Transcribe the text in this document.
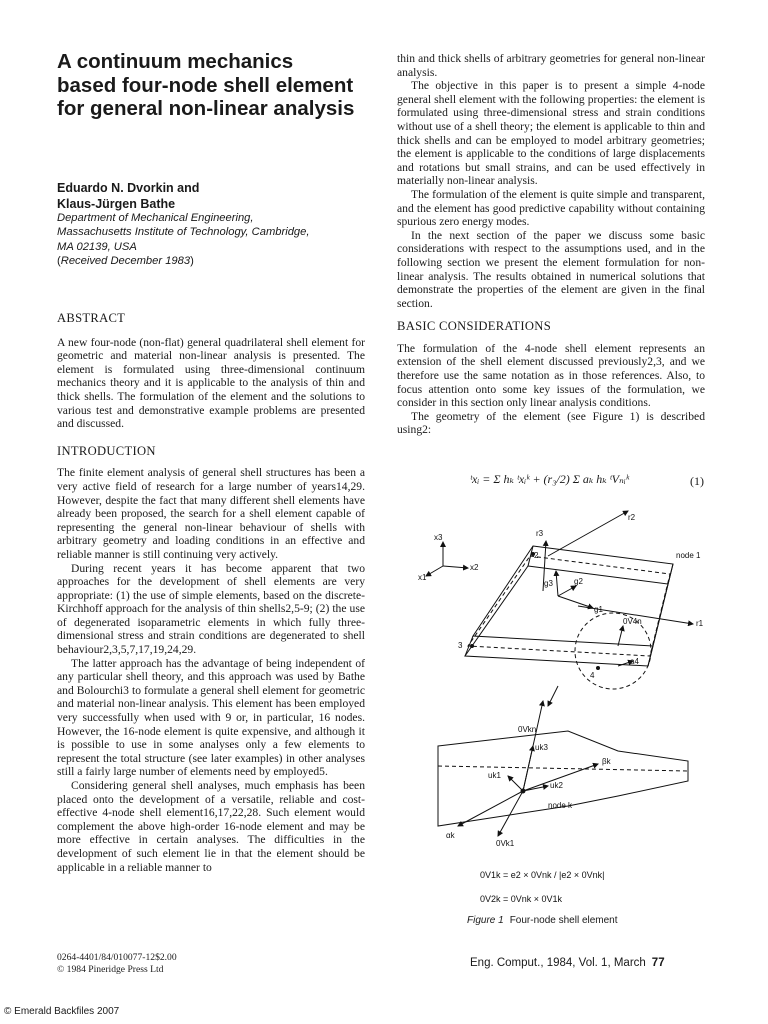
A continuum mechanics based four-node shell element for general non-linear analysis
Eduardo N. Dvorkin and
Klaus-Jürgen Bathe
Department of Mechanical Engineering,
Massachusetts Institute of Technology, Cambridge,
MA 02139, USA
(Received December 1983)
ABSTRACT

A new four-node (non-flat) general quadrilateral shell element for geometric and material non-linear analysis is presented. The element is formulated using three-dimensional continuum mechanics theory and it is applicable to the analysis of thin and thick shells. The formulation of the element and the solutions to various test and demonstrative example problems are presented and discussed.

INTRODUCTION

The finite element analysis of general shell structures has been a very active field of research for a large number of years14,29. However, despite the fact that many different shell elements have already been proposed, the search for a shell element capable of representing the general non-linear behaviour of shells with arbitrary geometry and loading conditions in an effective and reliable manner is still continuing very actively.

During recent years it has become apparent that two approaches for the development of shell elements are very appropriate: (1) the use of simple elements, based on the discrete-Kirchhoff approach for the analysis of thin shells2,5-9; (2) the use of degenerated isoparametric elements in which fully three-dimensional stress and strain conditions are degenerated to shell behaviour2,3,5,7,17,19,24,29.

The latter approach has the advantage of being independent of any particular shell theory, and this approach was used by Bathe and Bolourchi3 to formulate a general shell element for geometric and material non-linear analysis. This element has been employed very successfully when used with 9 or, in particular, 16 nodes. However, the 16-node element is quite expensive, and although it is possible to use in some analyses only a few elements to represent the total structure (see later examples) in other analyses still a fairly large number of elements need by employed5.

Considering general shell analyses, much emphasis has been placed onto the development of a versatile, reliable and cost-effective 4-node shell element16,17,22,28. Such element would complement the above high-order 16-node element and may be more effective in certain analyses. The difficulties in the development of such element lie in that the element should be applicable in a reliable manner to

thin and thick shells of arbitrary geometries for general non-linear analysis.

The objective in this paper is to present a simple 4-node general shell element with the following properties: the element is formulated using three-dimensional stress and strain conditions without use of a shell theory; the element is applicable to thin and thick shells and can be employed to model arbitrary geometries; the element is applicable to the conditions of large displacements and rotations but small strains, and can be used effectively in materially non-linear analysis.

The formulation of the element is quite simple and transparent, and the element has good predictive capability without containing spurious zero energy modes.

In the next section of the paper we discuss some basic considerations with respect to the assumptions used, and in the following section we present the element formulation for non-linear analysis. The results obtained in numerical solutions that demonstrate the properties of the element are given in the final section.

BASIC CONSIDERATIONS

The formulation of the 4-node shell element represents an extension of the shell element discussed previously2,3, and we therefore use the same notation as in those references. Also, to focus attention onto some key issues of the formulation, we consider in this section only linear analysis conditions.

The geometry of the element (see Figure 1) is described using2:

ᵗxᵢ = Σ hₖ ᵗxᵢᵏ + (r₃/2) Σ aₖ hₖ ᵗVₙᵢᵏ	(1)
r2
r1
r3
node 1
2
3
4
g1
g2
g3
x1
x2
x3
a4
0V4n
0Vkn
uk3
uk1
uk2
βk
node k
0Vk1
αk
0V1k = e2 × 0Vnk / |e2 × 0Vnk|
0V2k = 0Vnk × 0V1k
Figure 1 Four-node shell element
0264-4401/84/010077-12$2.00
© 1984 Pineridge Press Ltd
Eng. Comput., 1984, Vol. 1, March 77
© Emerald Backfiles 2007
